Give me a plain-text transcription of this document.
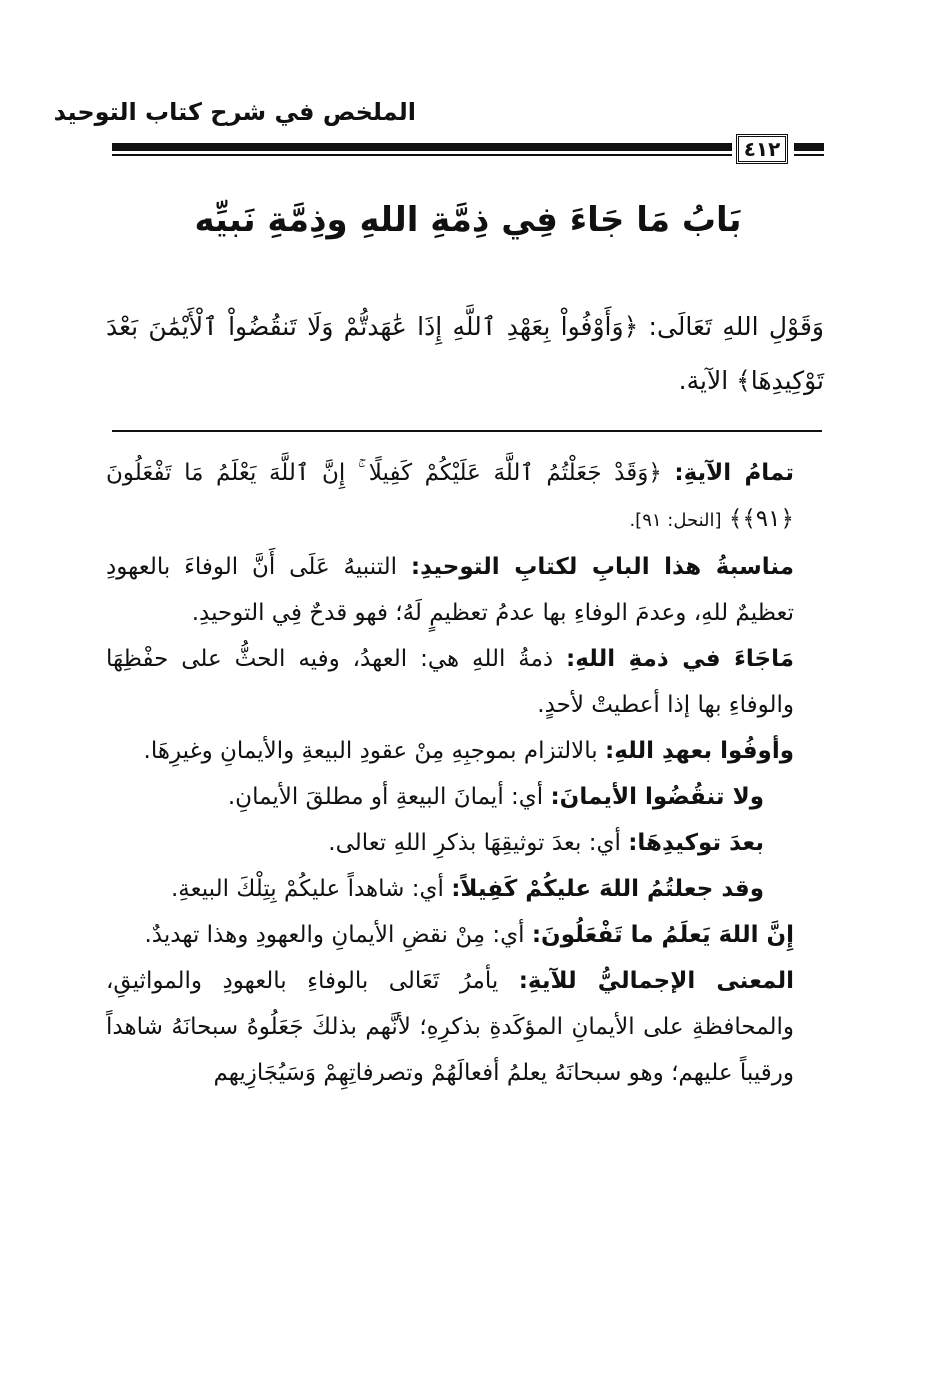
الملخص في شرح كتاب التوحيد
٤١٢
بَابُ مَا جَاءَ فِي ذِمَّةِ اللهِ وذِمَّةِ نَبيِّه
وَقَوْلِ اللهِ تَعَالَى: ﴿وَأَوْفُواْ بِعَهْدِ ٱللَّهِ إِذَا عَٰهَدتُّمْ وَلَا تَنقُضُواْ ٱلْأَيْمَٰنَ بَعْدَ تَوْكِيدِهَا﴾ الآية.

تمامُ الآيةِ: ﴿وَقَدْ جَعَلْتُمُ ٱللَّهَ عَلَيْكُمْ كَفِيلًا ۚ إِنَّ ٱللَّهَ يَعْلَمُ مَا تَفْعَلُونَ ﴿٩١﴾﴾ [النحل: ٩١].

مناسبةُ هذا البابِ لكتابِ التوحيدِ: التنبيهُ عَلَى أَنَّ الوفاءَ بالعهودِ تعظيمٌ للهِ، وعدمَ الوفاءِ بها عدمُ تعظيمٍ لَهُ؛ فهو قدحٌ فِي التوحيدِ.

مَاجَاءَ في ذمةِ اللهِ: ذمةُ اللهِ هي: العهدُ، وفيه الحثُّ على حفْظِهَا والوفاءِ بها إذا أعطيتْ لأحدٍ.

وأوفُوا بعهدِ اللهِ: بالالتزام بموجبِهِ مِنْ عقودِ البيعةِ والأيمانِ وغيرِهَا.

ولا تنقُضُوا الأيمانَ: أي: أيمانَ البيعةِ أو مطلقَ الأيمانِ.

بعدَ توكيدِهَا: أي: بعدَ توثيقِهَا بذكرِ اللهِ تعالى.

وقد جعلتُمُ اللهَ عليكُمْ كَفِيلاً: أي: شاهداً عليكُمْ بِتِلْكَ البيعةِ.

إِنَّ اللهَ يَعلَمُ ما تَفْعَلُونَ: أي: مِنْ نقضِ الأيمانِ والعهودِ وهذا تهديدٌ.

المعنى الإجماليُّ للآيةِ: يأمرُ تَعَالى بالوفاءِ بالعهودِ والمواثيقِ، والمحافظةِ على الأيمانِ المؤكَدةِ بذكرِهِ؛ لأنَّهم بذلكَ جَعَلُوهُ سبحانَهُ شاهداً ورقيباً عليهم؛ وهو سبحانَهُ يعلمُ أفعالَهُمْ وتصرفاتِهِمْ وَسَيُجَازِيهم
